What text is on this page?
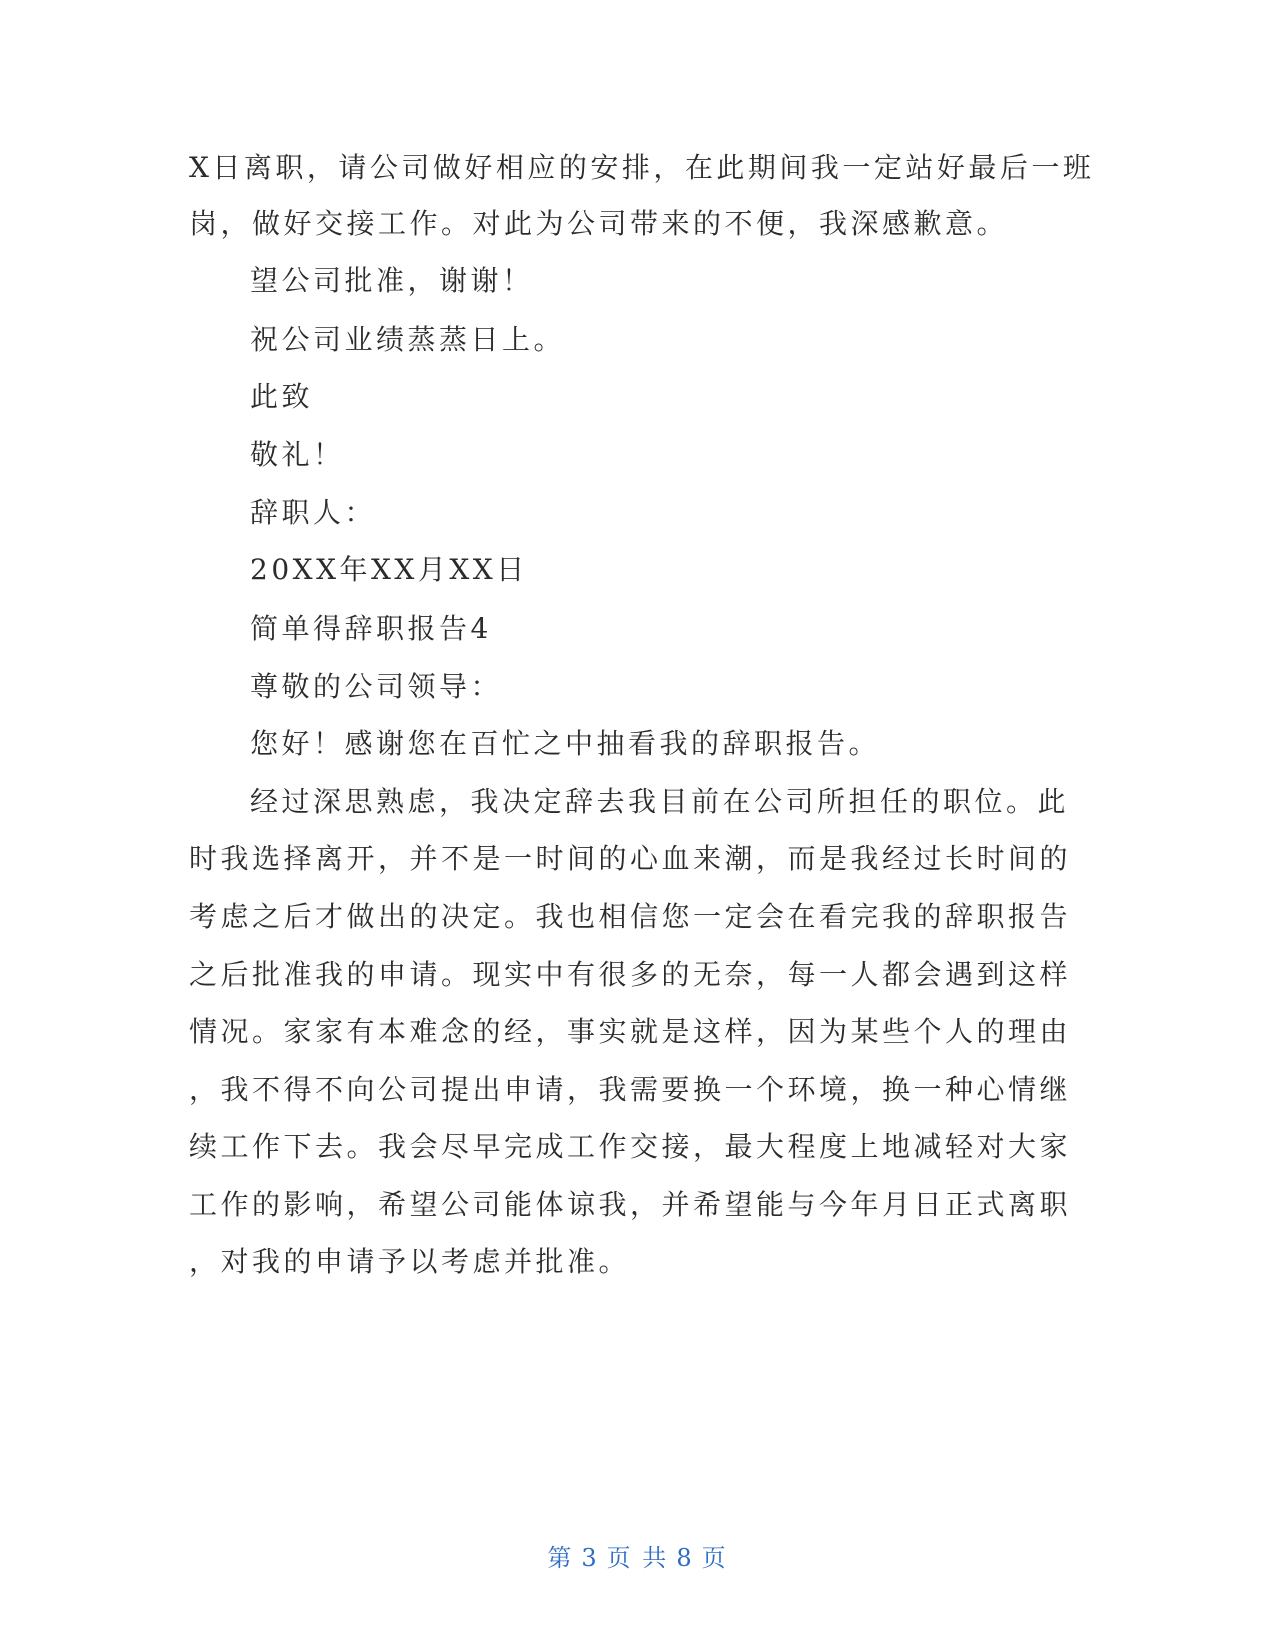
X日离职，请公司做好相应的安排，在此期间我一定站好最后一班
岗，做好交接工作。对此为公司带来的不便，我深感歉意。
望公司批准，谢谢！
祝公司业绩蒸蒸日上。
此致
敬礼！
辞职人：
20XX年XX月XX日
简单得辞职报告4
尊敬的公司领导：
您好！感谢您在百忙之中抽看我的辞职报告。
经过深思熟虑，我决定辞去我目前在公司所担任的职位。此
时我选择离开，并不是一时间的心血来潮，而是我经过长时间的
考虑之后才做出的决定。我也相信您一定会在看完我的辞职报告
之后批准我的申请。现实中有很多的无奈，每一人都会遇到这样
情况。家家有本难念的经，事实就是这样，因为某些个人的理由
，我不得不向公司提出申请，我需要换一个环境，换一种心情继
续工作下去。我会尽早完成工作交接，最大程度上地减轻对大家
工作的影响，希望公司能体谅我，并希望能与今年月日正式离职
，对我的申请予以考虑并批准。
第 3 页 共 8 页
